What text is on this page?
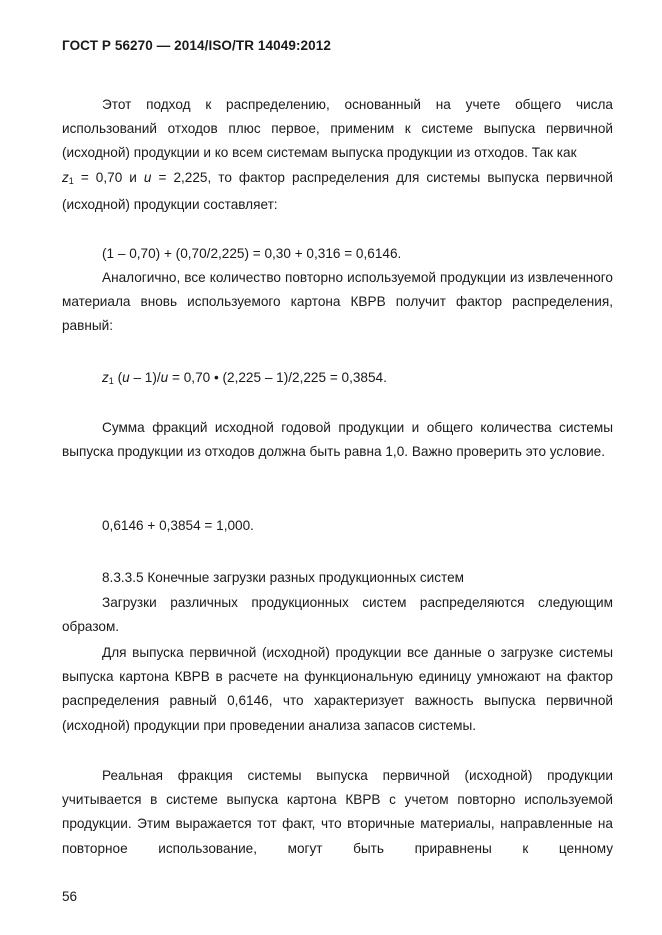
ГОСТ Р 56270 — 2014/ISO/TR 14049:2012
Этот подход к распределению, основанный на учете общего числа использований отходов плюс первое, применим к системе выпуска первичной (исходной) продукции и ко всем системам выпуска продукции из отходов. Так как
$z_1 = 0,70$ и u = 2,225, то фактор распределения для системы выпуска первичной (исходной) продукции составляет:
(1 – 0,70) + (0,70/2,225) = 0,30 + 0,316 = 0,6146.
Аналогично, все количество повторно используемой продукции из извлеченного материала вновь используемого картона КВРВ получит фактор распределения, равный:
$z_1$ (u – 1)/u = 0,70 • (2,225 – 1)/2,225 = 0,3854.
Сумма фракций исходной годовой продукции и общего количества системы выпуска продукции из отходов должна быть равна 1,0. Важно проверить это условие.
0,6146 + 0,3854 = 1,000.
8.3.3.5 Конечные загрузки разных продукционных систем
Загрузки различных продукционных систем распределяются следующим образом.
Для выпуска первичной (исходной) продукции все данные о загрузке системы выпуска картона КВРВ в расчете на функциональную единицу умножают на фактор распределения равный 0,6146, что характеризует важность выпуска первичной (исходной) продукции при проведении анализа запасов системы.
Реальная фракция системы выпуска первичной (исходной) продукции учитывается в системе выпуска картона КВРВ с учетом повторно используемой продукции. Этим выражается тот факт, что вторичные материалы, направленные на повторное использование, могут быть приравнены к ценному
56
